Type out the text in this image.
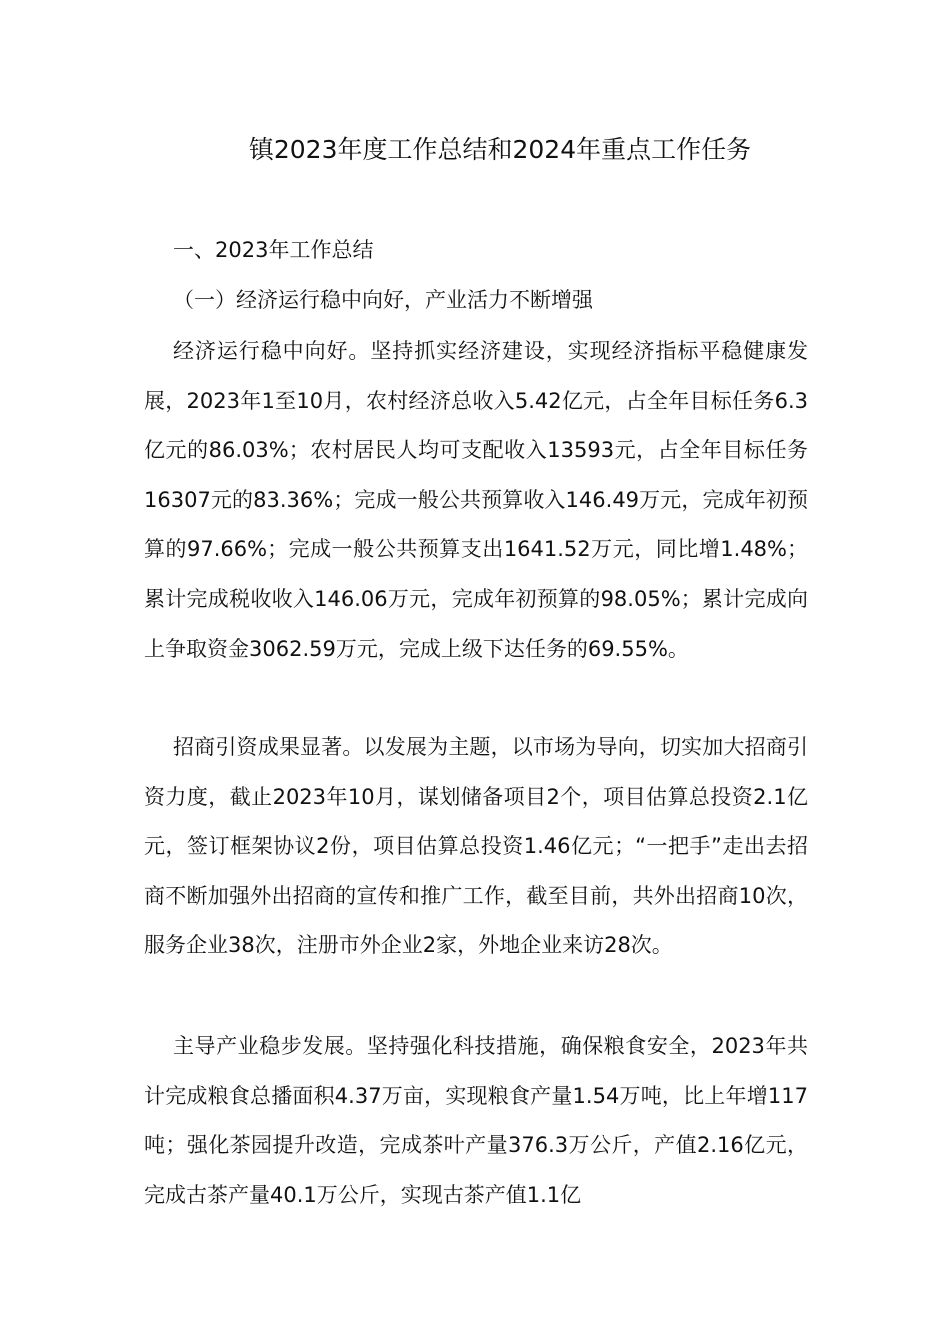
镇2023年度工作总结和2024年重点工作任务
一、2023年工作总结
（一）经济运行稳中向好，产业活力不断增强

经济运行稳中向好。坚持抓实经济建设，实现经济指标平稳健康发展，2023年1至10月，农村经济总收入5.42亿元，占全年目标任务6.3亿元的86.03%；农村居民人均可支配收入13593元，占全年目标任务16307元的83.36%；完成一般公共预算收入146.49万元，完成年初预算的97.66%；完成一般公共预算支出1641.52万元，同比增1.48%；累计完成税收收入146.06万元，完成年初预算的98.05%；累计完成向上争取资金3062.59万元，完成上级下达任务的69.55%。

招商引资成果显著。以发展为主题，以市场为导向，切实加大招商引资力度，截止2023年10月，谋划储备项目2个，项目估算总投资2.1亿元，签订框架协议2份，项目估算总投资1.46亿元；“一把手”走出去招商不断加强外出招商的宣传和推广工作，截至目前，共外出招商10次，服务企业38次，注册市外企业2家，外地企业来访28次。

主导产业稳步发展。坚持强化科技措施，确保粮食安全，2023年共计完成粮食总播面积4.37万亩，实现粮食产量1.54万吨，比上年增117吨；强化茶园提升改造，完成茶叶产量376.3万公斤，产值2.16亿元，完成古茶产量40.1万公斤，实现古茶产值1.1亿
